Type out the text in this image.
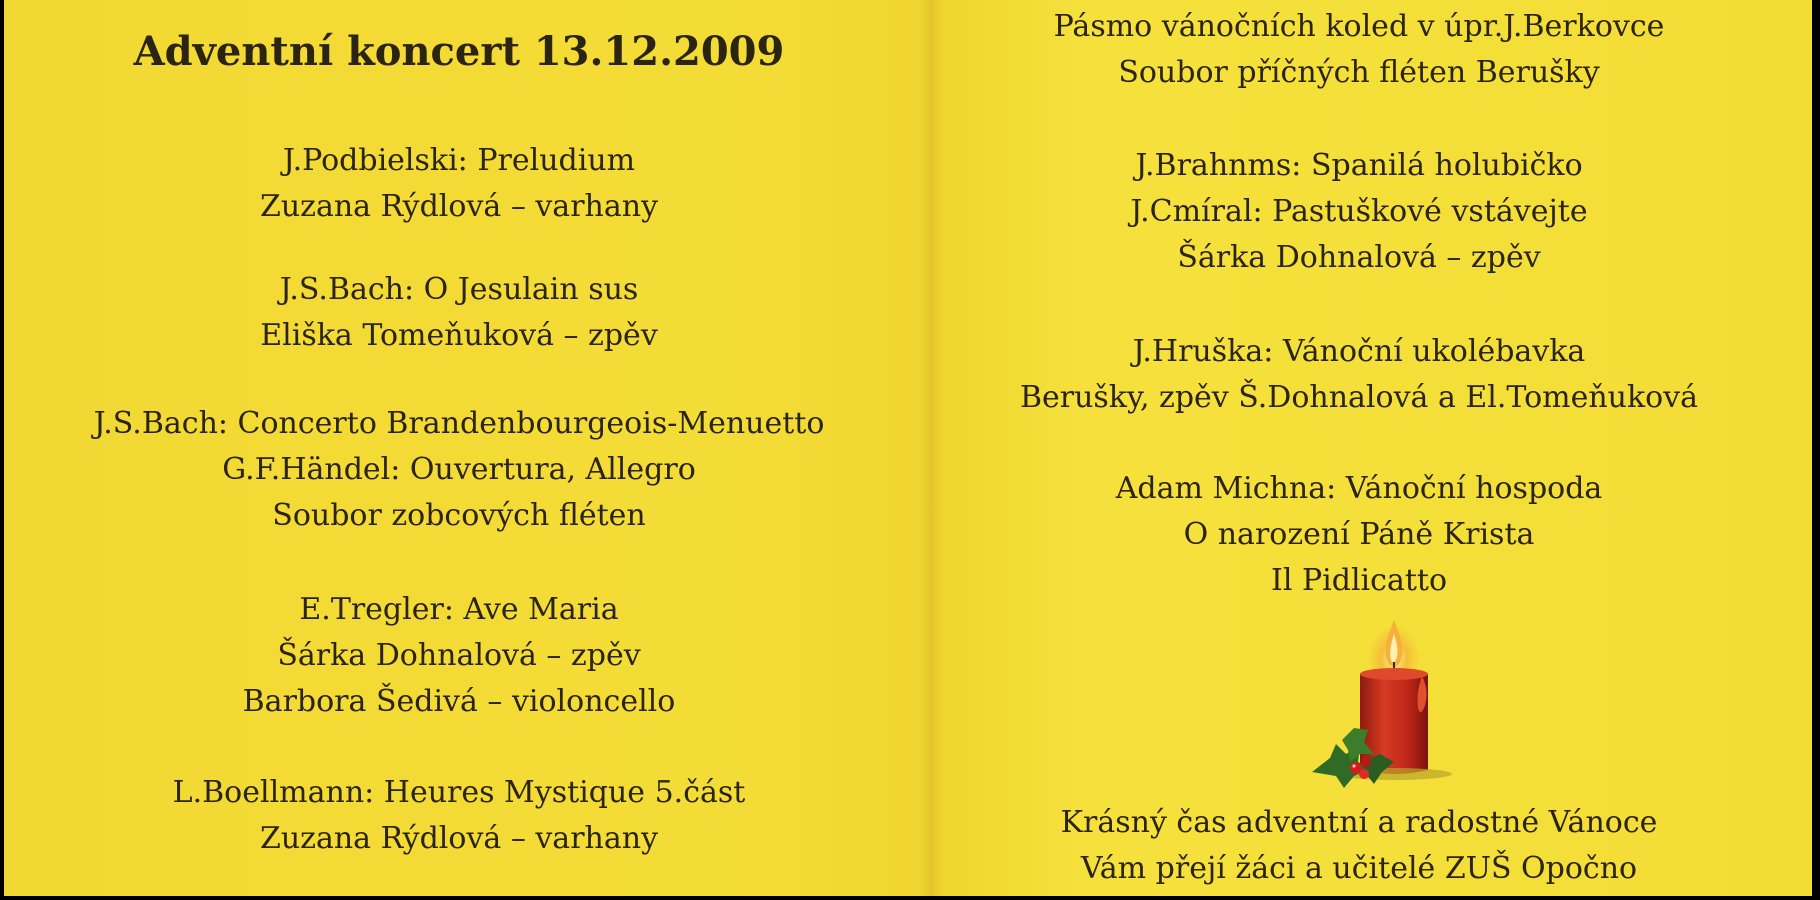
Adventní koncert 13.12.2009
J.Podbielski: Preludium
Zuzana Rýdlová – varhany
J.S.Bach: O Jesulain sus
Eliška Tomeňuková – zpěv
J.S.Bach: Concerto Brandenbourgeois-Menuetto
G.F.Händel: Ouvertura, Allegro
Soubor zobcových fléten
E.Tregler: Ave Maria
Šárka Dohnalová – zpěv
Barbora Šedivá – violoncello
L.Boellmann: Heures Mystique 5.část
Zuzana Rýdlová – varhany
Pásmo vánočních koled v úpr.J.Berkovce
Soubor příčných fléten Berušky
J.Brahnms: Spanilá holubičko
J.Cmíral: Pastuškové vstávejte
Šárka Dohnalová – zpěv
J.Hruška: Vánoční ukolébavka
Berušky, zpěv Š.Dohnalová a El.Tomeňuková
Adam Michna: Vánoční hospoda
O narození Páně Krista
Il Pidlicatto
Krásný čas adventní a radostné Vánoce
Vám přejí žáci a učitelé ZUŠ Opočno
